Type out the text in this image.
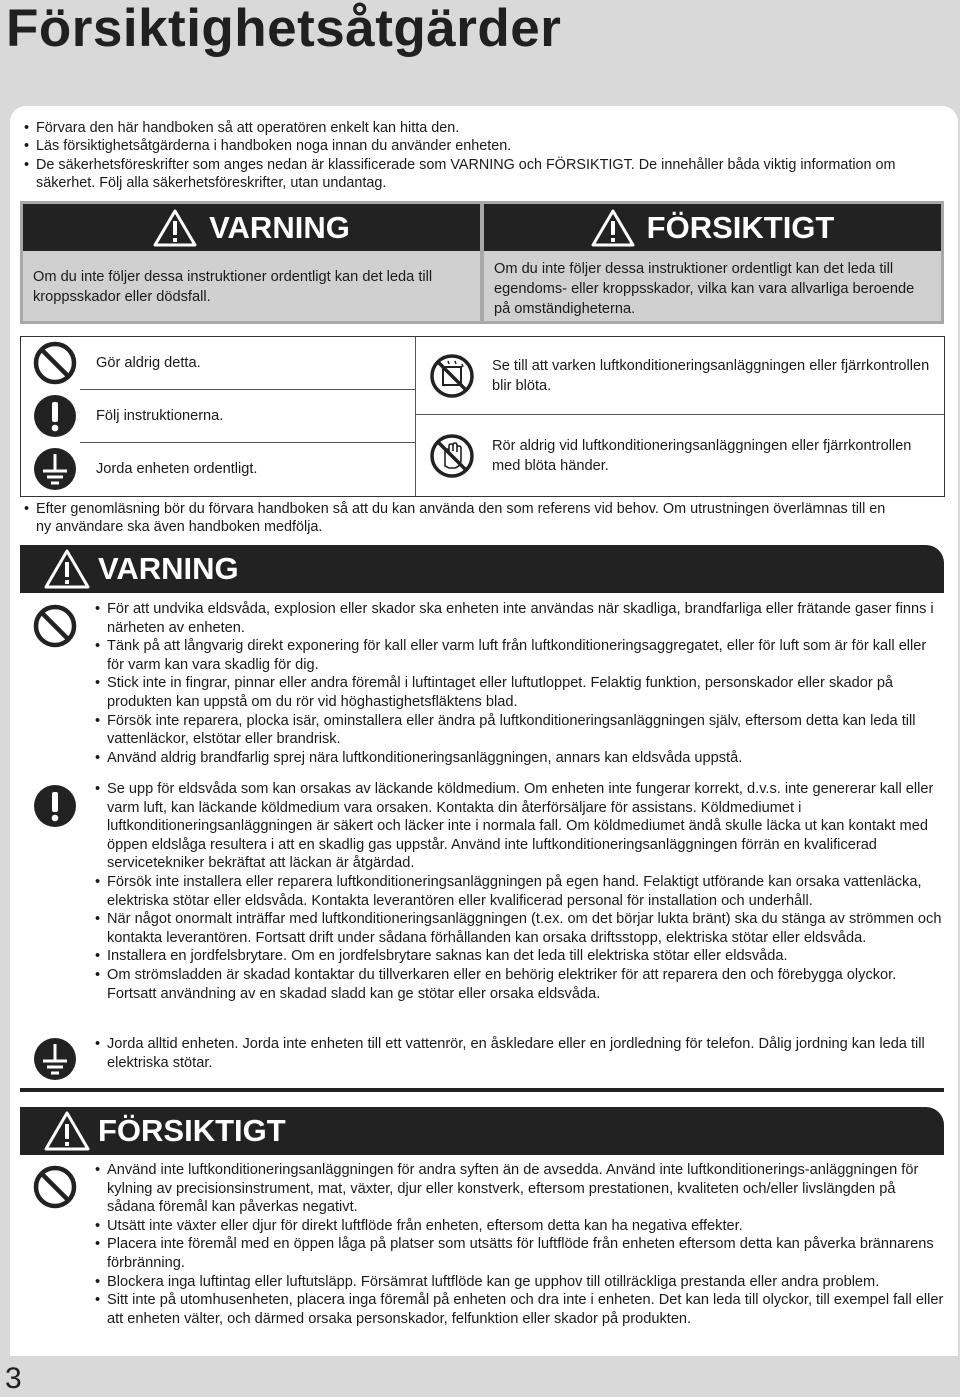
Försiktighetsåtgärder
• Förvara den här handboken så att operatören enkelt kan hitta den.
• Läs försiktighetsåtgärderna i handboken noga innan du använder enheten.
• De säkerhetsföreskrifter som anges nedan är klassificerade som VARNING och FÖRSIKTIGT. De innehåller båda viktig information om säkerhet. Följ alla säkerhetsföreskrifter, utan undantag.
VARNING
Om du inte följer dessa instruktioner ordentligt kan det leda till kroppsskador eller dödsfall.
FÖRSIKTIGT
Om du inte följer dessa instruktioner ordentligt kan det leda till egendoms- eller kroppsskador, vilka kan vara allvarliga beroende på omständigheterna.
Gör aldrig detta.
Följ instruktionerna.
Jorda enheten ordentligt.
Se till att varken luftkonditioneringsanläggningen eller fjärrkontrollen blir blöta.
Rör aldrig vid luftkonditioneringsanläggningen eller fjärrkontrollen med blöta händer.
• Efter genomläsning bör du förvara handboken så att du kan använda den som referens vid behov. Om utrustningen överlämnas till en ny användare ska även handboken medfölja.
VARNING
• För att undvika eldsvåda, explosion eller skador ska enheten inte användas när skadliga, brandfarliga eller frätande gaser finns i närheten av enheten.
• Tänk på att långvarig direkt exponering för kall eller varm luft från luftkonditioneringsaggregatet, eller för luft som är för kall eller för varm kan vara skadlig för dig.
• Stick inte in fingrar, pinnar eller andra föremål i luftintaget eller luftutloppet. Felaktig funktion, personskador eller skador på produkten kan uppstå om du rör vid höghastighetsfläktens blad.
• Försök inte reparera, plocka isär, ominstallera eller ändra på luftkonditioneringsanläggningen själv, eftersom detta kan leda till vattenläckor, elstötar eller brandrisk.
• Använd aldrig brandfarlig sprej nära luftkonditioneringsanläggningen, annars kan eldsvåda uppstå.
• Se upp för eldsvåda som kan orsakas av läckande köldmedium. Om enheten inte fungerar korrekt, d.v.s. inte genererar kall eller varm luft, kan läckande köldmedium vara orsaken. Kontakta din återförsäljare för assistans. Köldmediumet i luftkonditioneringsanläggningen är säkert och läcker inte i normala fall. Om köldmediumet ändå skulle läcka ut kan kontakt med öppen eldslåga resultera i att en skadlig gas uppstår. Använd inte luftkonditioneringsanläggningen förrän en kvalificerad servicetekniker bekräftat att läckan är åtgärdad.
• Försök inte installera eller reparera luftkonditioneringsanläggningen på egen hand. Felaktigt utförande kan orsaka vattenläcka, elektriska stötar eller eldsvåda. Kontakta leverantören eller kvalificerad personal för installation och underhåll.
• När något onormalt inträffar med luftkonditioneringsanläggningen (t.ex. om det börjar lukta bränt) ska du stänga av strömmen och kontakta leverantören. Fortsatt drift under sådana förhållanden kan orsaka driftsstopp, elektriska stötar eller eldsvåda.
• Installera en jordfelsbrytare. Om en jordfelsbrytare saknas kan det leda till elektriska stötar eller eldsvåda.
• Om strömsladden är skadad kontaktar du tillverkaren eller en behörig elektriker för att reparera den och förebygga olyckor. Fortsatt användning av en skadad sladd kan ge stötar eller orsaka eldsvåda.
• Jorda alltid enheten. Jorda inte enheten till ett vattenrör, en åskledare eller en jordledning för telefon. Dålig jordning kan leda till elektriska stötar.
FÖRSIKTIGT
• Använd inte luftkonditioneringsanläggningen för andra syften än de avsedda. Använd inte luftkonditionerings-anläggningen för kylning av precisionsinstrument, mat, växter, djur eller konstverk, eftersom prestationen, kvaliteten och/eller livslängden på sådana föremål kan påverkas negativt.
• Utsätt inte växter eller djur för direkt luftflöde från enheten, eftersom detta kan ha negativa effekter.
• Placera inte föremål med en öppen låga på platser som utsätts för luftflöde från enheten eftersom detta kan påverka brännarens förbränning.
• Blockera inga luftintag eller luftutsläpp. Försämrat luftflöde kan ge upphov till otillräckliga prestanda eller andra problem.
• Sitt inte på utomhusenheten, placera inga föremål på enheten och dra inte i enheten. Det kan leda till olyckor, till exempel fall eller att enheten välter, och därmed orsaka personskador, felfunktion eller skador på produkten.
3
